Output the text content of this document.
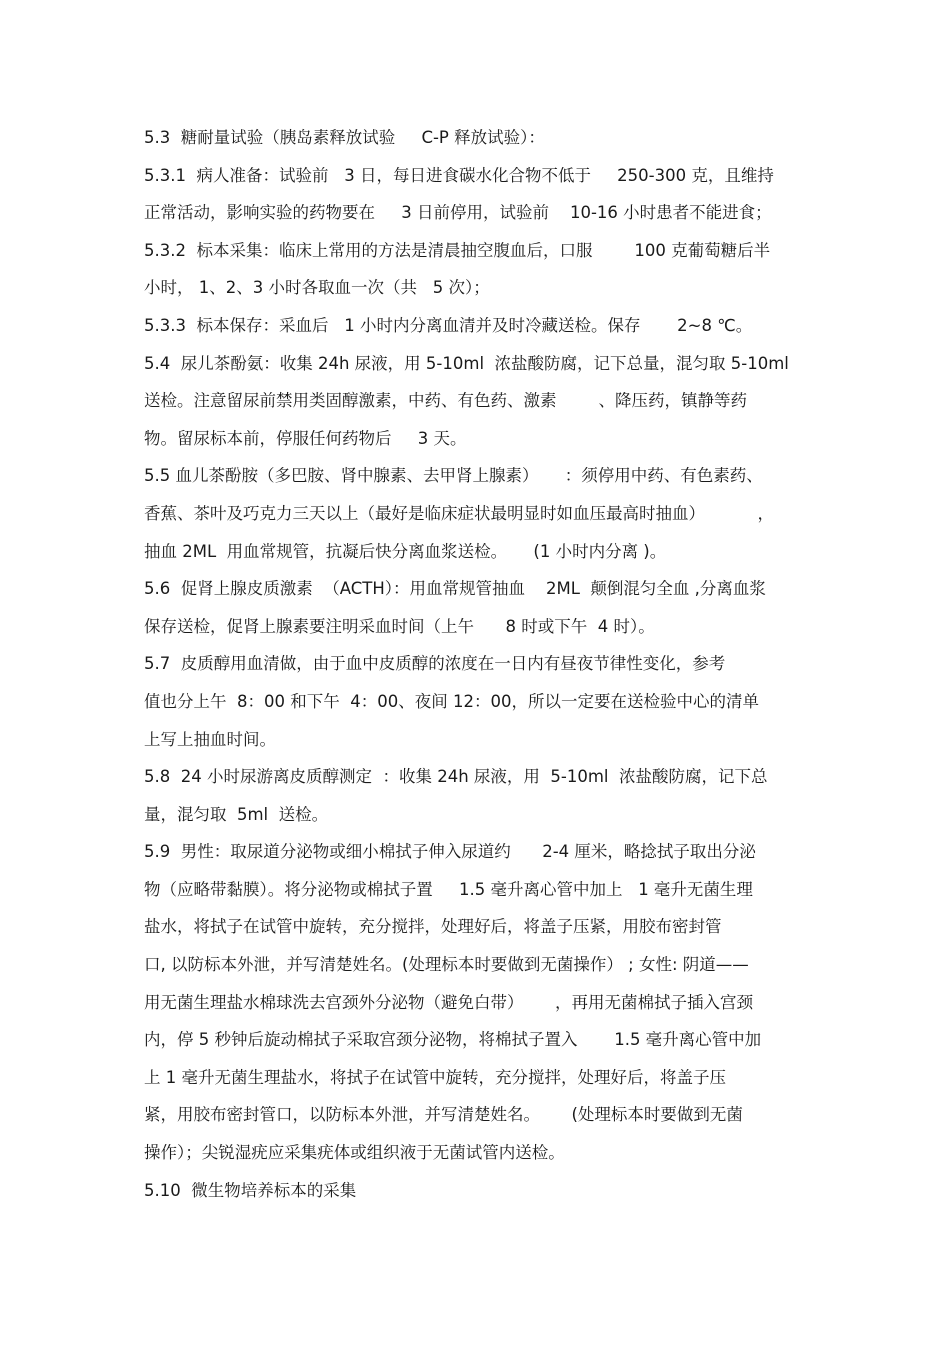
5.3  糖耐量试验（胰岛素释放试验     C-P 释放试验）：
5.3.1  病人准备：试验前   3 日，每日进食碳水化合物不低于     250-300 克，且维持
正常活动，影响实验的药物要在     3 日前停用，试验前    10-16 小时患者不能进食；
5.3.2  标本采集：临床上常用的方法是清晨抽空腹血后，口服        100 克葡萄糖后半
小时， 1、2、3 小时各取血一次（共   5 次）；
5.3.3  标本保存：采血后   1 小时内分离血清并及时冷藏送检。保存       2~8 ℃。
5.4  尿儿茶酚氨：收集 24h 尿液，用 5-10ml  浓盐酸防腐，记下总量，混匀取 5-10ml
送检。注意留尿前禁用类固醇激素，中药、有色药、激素        、降压药，镇静等药
物。留尿标本前，停服任何药物后     3 天。
5.5 血儿茶酚胺（多巴胺、肾中腺素、去甲肾上腺素）     ：须停用中药、有色素药、
香蕉、茶叶及巧克力三天以上（最好是临床症状最明显时如血压最高时抽血）          ，
抽血 2ML  用血常规管，抗凝后快分离血浆送检。     (1 小时内分离 )。
5.6  促肾上腺皮质激素  （ACTH）：用血常规管抽血    2ML  颠倒混匀全血 ,分离血浆
保存送检，促肾上腺素要注明采血时间（上午      8 时或下午  4 时）。
5.7  皮质醇用血清做，由于血中皮质醇的浓度在一日内有昼夜节律性变化，参考
值也分上午  8：00 和下午  4：00、夜间 12：00，所以一定要在送检验中心的清单
上写上抽血时间。
5.8  24 小时尿游离皮质醇测定  ：收集 24h 尿液，用  5-10ml  浓盐酸防腐，记下总
量，混匀取  5ml  送检。
5.9  男性：取尿道分泌物或细小棉拭子伸入尿道约      2-4 厘米，略捻拭子取出分泌
物（应略带黏膜）。将分泌物或棉拭子置     1.5 毫升离心管中加上   1 毫升无菌生理
盐水，将拭子在试管中旋转，充分搅拌，处理好后，将盖子压紧，用胶布密封管
口, 以防标本外泄，并写清楚姓名。(处理标本时要做到无菌操作） ; 女性: 阴道——
用无菌生理盐水棉球洗去宫颈外分泌物（避免白带）      ，再用无菌棉拭子插入宫颈
内，停 5 秒钟后旋动棉拭子采取宫颈分泌物，将棉拭子置入       1.5 毫升离心管中加
上 1 毫升无菌生理盐水，将拭子在试管中旋转，充分搅拌，处理好后，将盖子压
紧，用胶布密封管口，以防标本外泄，并写清楚姓名。      (处理标本时要做到无菌
操作）；尖锐湿疣应采集疣体或组织液于无菌试管内送检。
5.10  微生物培养标本的采集
